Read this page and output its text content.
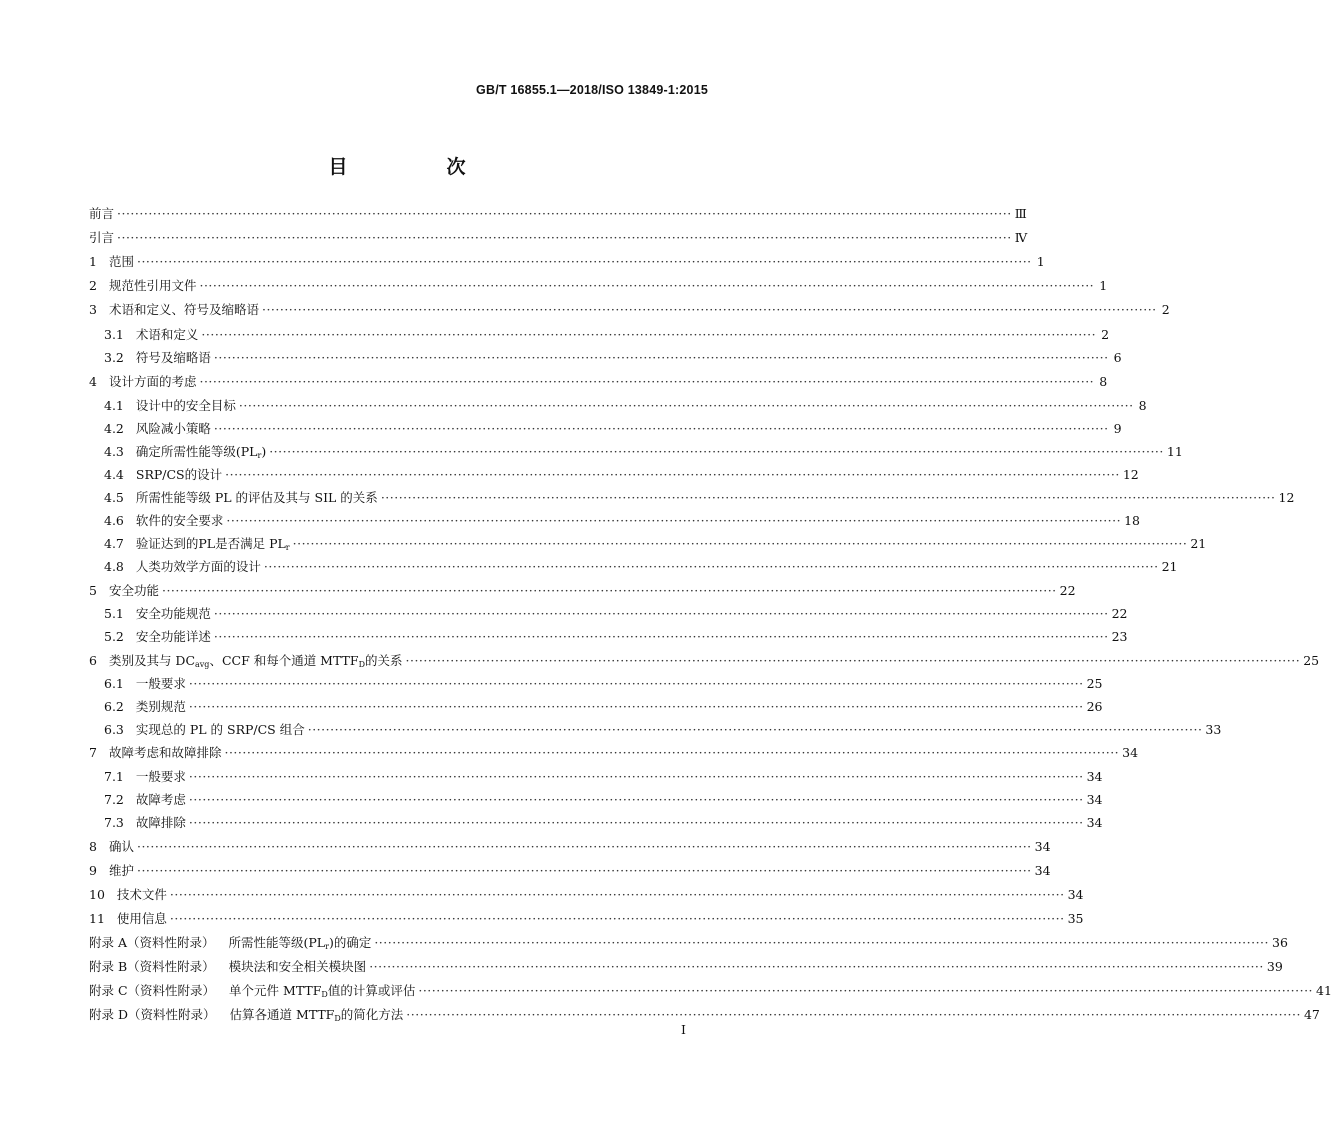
GB/T 16855.1—2018/ISO 13849-1:2015
目　次
前言 ········································································································································································································ Ⅲ
引言 ········································································································································································································ Ⅳ
1 范围 ········································································································································································································ 1
2 规范性引用文件 ········································································································································································································ 1
3 术语和定义、符号及缩略语 ········································································································································································································ 2
3.1 术语和定义 ········································································································································································································ 2
3.2 符号及缩略语 ········································································································································································································ 6
4 设计方面的考虑 ········································································································································································································ 8
4.1 设计中的安全目标 ········································································································································································································ 8
4.2 风险减小策略 ········································································································································································································ 9
4.3 确定所需性能等级$(PL_r)$ ········································································································································································································ 11
4.4 SRP/CS的设计 ········································································································································································································ 12
4.5 所需性能等级 PL 的评估及其与 SIL 的关系 ········································································································································································································ 12
4.6 软件的安全要求 ········································································································································································································ 18
4.7 验证达到的PL是否满足 $PL_r$ ········································································································································································································ 21
4.8 人类功效学方面的设计 ········································································································································································································ 21
5 安全功能 ········································································································································································································ 22
5.1 安全功能规范 ········································································································································································································ 22
5.2 安全功能详述 ········································································································································································································ 23
6 类别及其与 $DC_{avg}$、CCF 和每个通道 $MTTF_D$的关系 ········································································································································································································ 25
6.1 一般要求 ········································································································································································································ 25
6.2 类别规范 ········································································································································································································ 26
6.3 实现总的 PL 的 SRP/CS 组合 ········································································································································································································ 33
7 故障考虑和故障排除 ········································································································································································································ 34
7.1 一般要求 ········································································································································································································ 34
7.2 故障考虑 ········································································································································································································ 34
7.3 故障排除 ········································································································································································································ 34
8 确认 ········································································································································································································ 34
9 维护 ········································································································································································································ 34
10 技术文件 ········································································································································································································ 34
11 使用信息 ········································································································································································································ 35
附录 A（资料性附录） 所需性能等级$(PL_r)$的确定 ········································································································································································································ 36
附录 B（资料性附录） 模块法和安全相关模块图 ········································································································································································································ 39
附录 C（资料性附录） 单个元件 $MTTF_D$值的计算或评估 ········································································································································································································ 41
附录 D（资料性附录） 估算各通道 $MTTF_D$的简化方法 ········································································································································································································ 47
I
